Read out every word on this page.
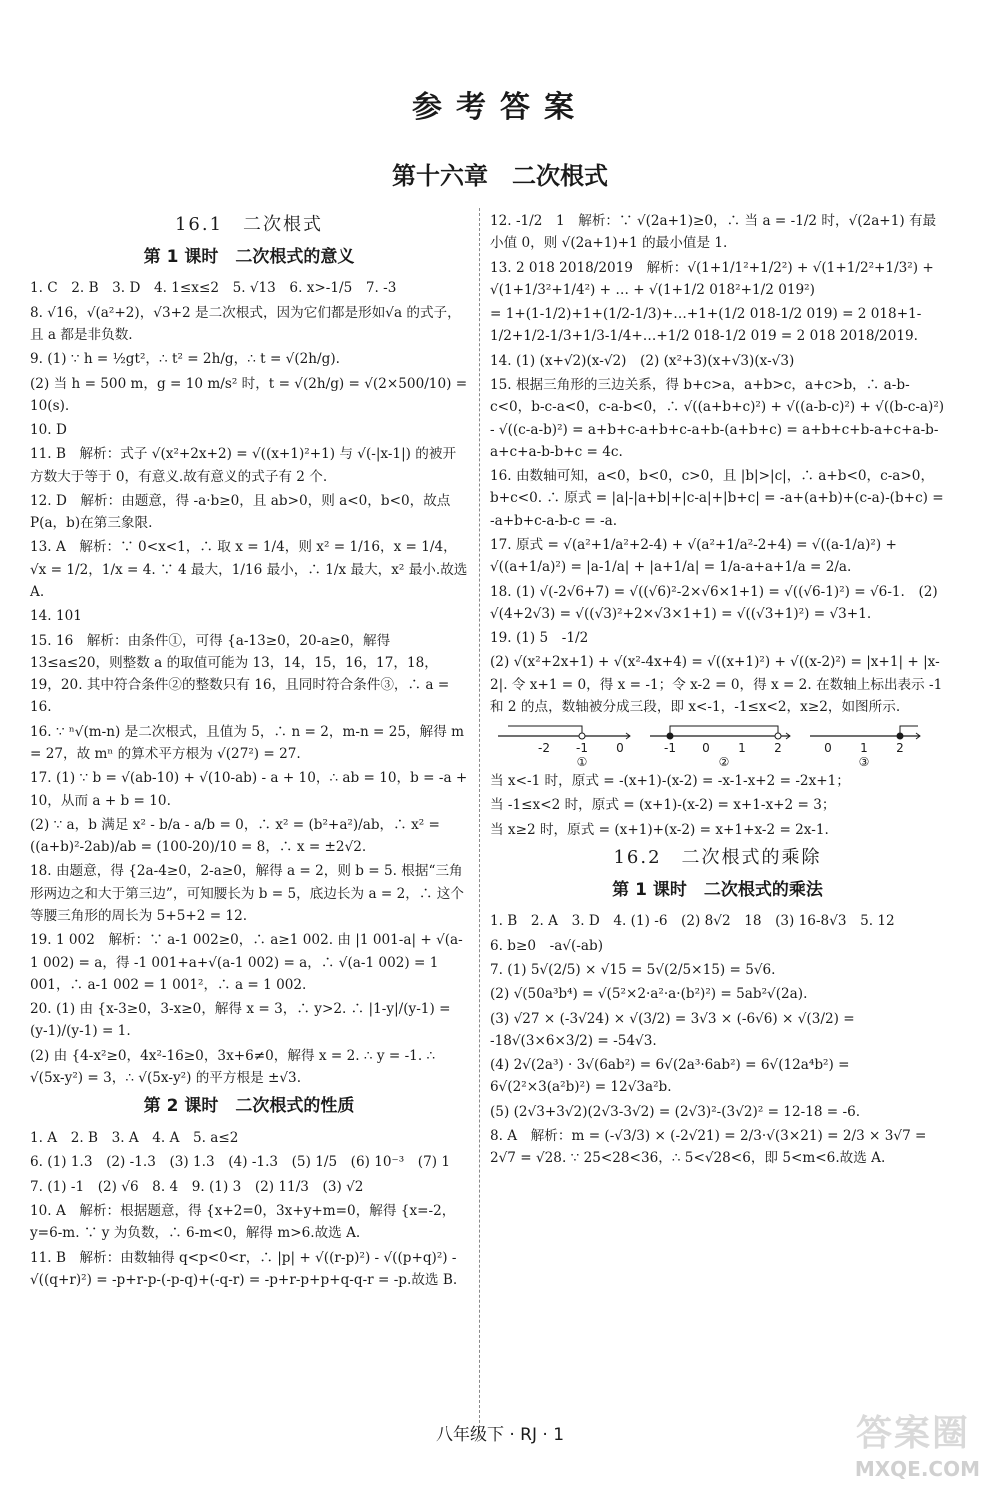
参考答案
第十六章　二次根式
16.1　二次根式
第 1 课时　二次根式的意义
1. C　2. B　3. D　4. 1≤x≤2　5. √13　6. x>-1/5　7. -3
8. √16，√(a²+2)，√3+2 是二次根式，因为它们都是形如√a 的式子，且 a 都是非负数.
9. (1) ∵ h = ½gt²，∴ t² = 2h/g，∴ t = √(2h/g).
(2) 当 h = 500 m，g = 10 m/s² 时，t = √(2h/g) = √(2×500/10) = 10(s).
10. D
11. B　解析：式子 √(x²+2x+2) = √((x+1)²+1) 与 √(-|x-1|) 的被开方数大于等于 0，有意义.故有意义的式子有 2 个.
12. D　解析：由题意，得 -a·b≥0，且 ab>0，则 a<0，b<0，故点 P(a，b)在第三象限.
13. A　解析：∵ 0<x<1，∴ 取 x = 1/4，则 x² = 1/16，x = 1/4，√x = 1/2，1/x = 4. ∵ 4 最大，1/16 最小，∴ 1/x 最大，x² 最小.故选 A.
14. 101
15. 16　解析：由条件①，可得 {a-13≥0，20-a≥0，解得 13≤a≤20，则整数 a 的取值可能为 13，14，15，16，17，18，19，20. 其中符合条件②的整数只有 16，且同时符合条件③，∴ a = 16.
16. ∵ ⁿ√(m-n) 是二次根式，且值为 5，∴ n = 2，m-n = 25，解得 m = 27，故 mⁿ 的算术平方根为 √(27²) = 27.
17. (1) ∵ b = √(ab-10) + √(10-ab) - a + 10，∴ ab = 10，b = -a + 10，从而 a + b = 10.
(2) ∵ a，b 满足 x² - b/a - a/b = 0，∴ x² = (b²+a²)/ab，∴ x² = ((a+b)²-2ab)/ab = (100-20)/10 = 8，∴ x = ±2√2.
18. 由题意，得 {2a-4≥0，2-a≥0，解得 a = 2，则 b = 5. 根据“三角形两边之和大于第三边”，可知腰长为 b = 5，底边长为 a = 2，∴ 这个等腰三角形的周长为 5+5+2 = 12.
19. 1 002　解析：∵ a-1 002≥0，∴ a≥1 002. 由 |1 001-a| + √(a-1 002) = a，得 -1 001+a+√(a-1 002) = a，∴ √(a-1 002) = 1 001，∴ a-1 002 = 1 001²，∴ a = 1 002.
20. (1) 由 {x-3≥0，3-x≥0，解得 x = 3，∴ y>2. ∴ |1-y|/(y-1) = (y-1)/(y-1) = 1.
(2) 由 {4-x²≥0，4x²-16≥0，3x+6≠0，解得 x = 2. ∴ y = -1. ∴ √(5x-y²) = 3，∴ √(5x-y²) 的平方根是 ±√3.
第 2 课时　二次根式的性质
1. A　2. B　3. A　4. A　5. a≤2
6. (1) 1.3　(2) -1.3　(3) 1.3　(4) -1.3　(5) 1/5　(6) 10⁻³　(7) 1
7. (1) -1　(2) √6　8. 4　9. (1) 3　(2) 11/3　(3) √2
10. A　解析：根据题意，得 {x+2=0，3x+y+m=0，解得 {x=-2，y=6-m. ∵ y 为负数，∴ 6-m<0，解得 m>6.故选 A.
11. B　解析：由数轴得 q<p<0<r，∴ |p| + √((r-p)²) - √((p+q)²) - √((q+r)²) = -p+r-p-(-p-q)+(-q-r) = -p+r-p+p+q-q-r = -p.故选 B.
12. -1/2　1　解析：∵ √(2a+1)≥0，∴ 当 a = -1/2 时，√(2a+1) 有最小值 0，则 √(2a+1)+1 的最小值是 1.
13. 2 018 2018/2019　解析：√(1+1/1²+1/2²) + √(1+1/2²+1/3²) + √(1+1/3²+1/4²) + … + √(1+1/2 018²+1/2 019²)
= 1+(1-1/2)+1+(1/2-1/3)+…+1+(1/2 018-1/2 019) = 2 018+1-1/2+1/2-1/3+1/3-1/4+…+1/2 018-1/2 019 = 2 018 2018/2019.
14. (1) (x+√2)(x-√2)　(2) (x²+3)(x+√3)(x-√3)
15. 根据三角形的三边关系，得 b+c>a，a+b>c，a+c>b，∴ a-b-c<0，b-c-a<0，c-a-b<0，∴ √((a+b+c)²) + √((a-b-c)²) + √((b-c-a)²) - √((c-a-b)²) = a+b+c-a+b+c-a+b-(a+b+c) = a+b+c+b-a+c+a-b-a+c+a-b-b+c = 4c.
16. 由数轴可知，a<0，b<0，c>0，且 |b|>|c|，∴ a+b<0，c-a>0，b+c<0. ∴ 原式 = |a|-|a+b|+|c-a|+|b+c| = -a+(a+b)+(c-a)-(b+c) = -a+b+c-a-b-c = -a.
17. 原式 = √(a²+1/a²+2-4) + √(a²+1/a²-2+4) = √((a-1/a)²) + √((a+1/a)²) = |a-1/a| + |a+1/a| = 1/a-a+a+1/a = 2/a.
18. (1) √(-2√6+7) = √((√6)²-2×√6×1+1) = √((√6-1)²) = √6-1.　(2) √(4+2√3) = √((√3)²+2×√3×1+1) = √((√3+1)²) = √3+1.
19. (1) 5　-1/2
(2) √(x²+2x+1) + √(x²-4x+4) = √((x+1)²) + √((x-2)²) = |x+1| + |x-2|. 令 x+1 = 0，得 x = -1；令 x-2 = 0，得 x = 2. 在数轴上标出表示 -1 和 2 的点，数轴被分成三段，即 x<-1，-1≤x<2，x≥2，如图所示.
-2 -1 0
①
-1 0 1 2
②
0 1 2
③
当 x<-1 时，原式 = -(x+1)-(x-2) = -x-1-x+2 = -2x+1；
当 -1≤x<2 时，原式 = (x+1)-(x-2) = x+1-x+2 = 3；
当 x≥2 时，原式 = (x+1)+(x-2) = x+1+x-2 = 2x-1.
16.2　二次根式的乘除
第 1 课时　二次根式的乘法
1. B　2. A　3. D　4. (1) -6　(2) 8√2　18　(3) 16-8√3　5. 12
6. b≥0　-a√(-ab)
7. (1) 5√(2/5) × √15 = 5√(2/5×15) = 5√6.
(2) √(50a³b⁴) = √(5²×2·a²·a·(b²)²) = 5ab²√(2a).
(3) √27 × (-3√24) × √(3/2) = 3√3 × (-6√6) × √(3/2) = -18√(3×6×3/2) = -54√3.
(4) 2√(2a³) · 3√(6ab²) = 6√(2a³·6ab²) = 6√(12a⁴b²) = 6√(2²×3(a²b)²) = 12√3a²b.
(5) (2√3+3√2)(2√3-3√2) = (2√3)²-(3√2)² = 12-18 = -6.
8. A　解析：m = (-√3/3) × (-2√21) = 2/3·√(3×21) = 2/3 × 3√7 = 2√7 = √28. ∵ 25<28<36，∴ 5<√28<6，即 5<m<6.故选 A.
八年级下 · RJ · 1	答案圈
MXQE.COM
